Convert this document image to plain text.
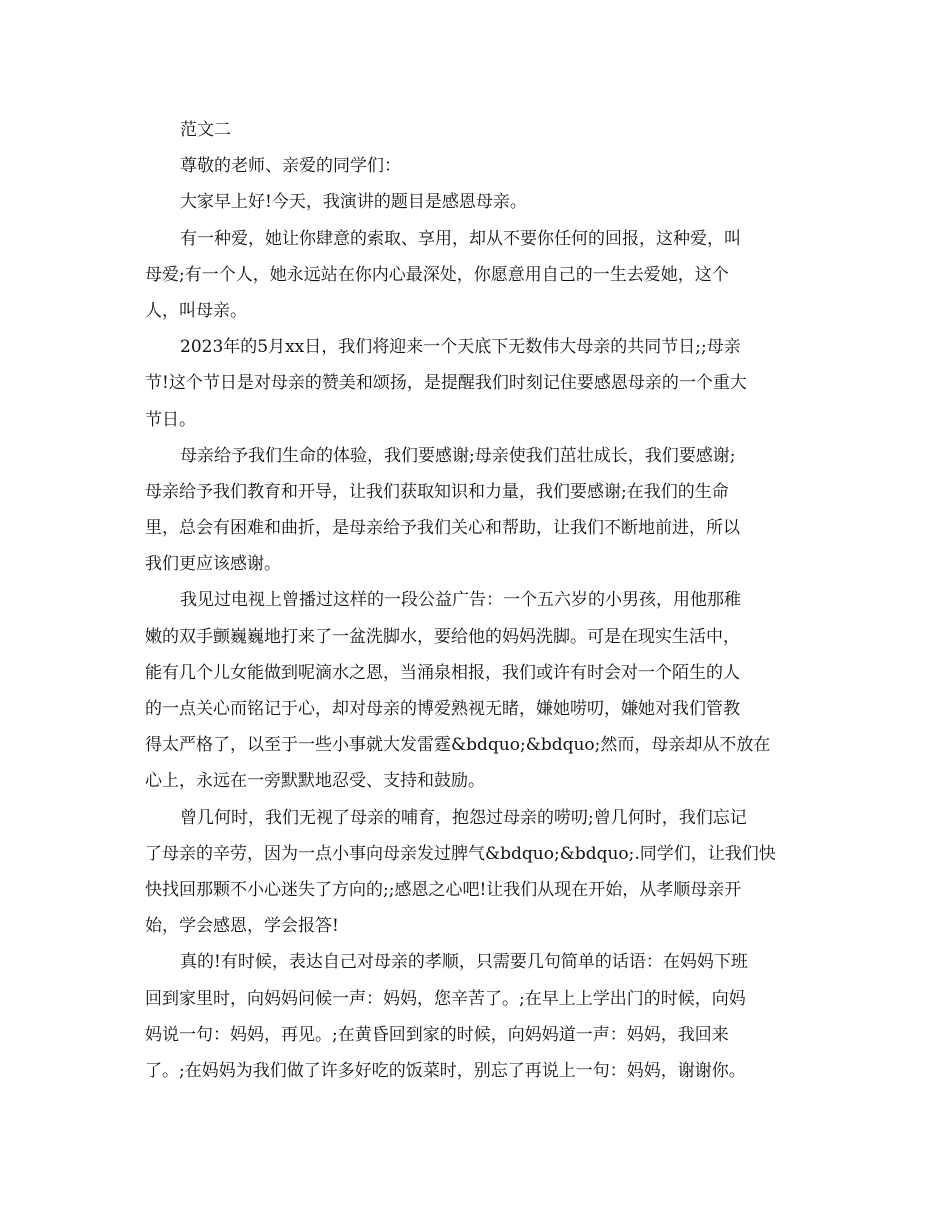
范文二
尊敬的老师、亲爱的同学们：
大家早上好!今天，我演讲的题目是感恩母亲。
有一种爱，她让你肆意的索取、享用，却从不要你任何的回报，这种爱，叫
母爱;有一个人，她永远站在你内心最深处，你愿意用自己的一生去爱她，这个
人，叫母亲。
2023年的5月xx日，我们将迎来一个天底下无数伟大母亲的共同节日;;母亲
节!这个节日是对母亲的赞美和颂扬，是提醒我们时刻记住要感恩母亲的一个重大
节日。
母亲给予我们生命的体验，我们要感谢;母亲使我们茁壮成长，我们要感谢;
母亲给予我们教育和开导，让我们获取知识和力量，我们要感谢;在我们的生命
里，总会有困难和曲折，是母亲给予我们关心和帮助，让我们不断地前进，所以
我们更应该感谢。
我见过电视上曾播过这样的一段公益广告：一个五六岁的小男孩，用他那稚
嫩的双手颤巍巍地打来了一盆洗脚水，要给他的妈妈洗脚。可是在现实生活中，
能有几个儿女能做到呢滴水之恩，当涌泉相报，我们或许有时会对一个陌生的人
的一点关心而铭记于心，却对母亲的博爱熟视无睹，嫌她唠叨，嫌她对我们管教
得太严格了，以至于一些小事就大发雷霆&bdquo;&bdquo;然而，母亲却从不放在
心上，永远在一旁默默地忍受、支持和鼓励。
曾几何时，我们无视了母亲的哺育，抱怨过母亲的唠叨;曾几何时，我们忘记
了母亲的辛劳，因为一点小事向母亲发过脾气&bdquo;&bdquo;.同学们，让我们快
快找回那颗不小心迷失了方向的;;感恩之心吧!让我们从现在开始，从孝顺母亲开
始，学会感恩，学会报答!
真的!有时候，表达自己对母亲的孝顺，只需要几句简单的话语：在妈妈下班
回到家里时，向妈妈问候一声：妈妈，您辛苦了。;在早上上学出门的时候，向妈
妈说一句：妈妈，再见。;在黄昏回到家的时候，向妈妈道一声：妈妈，我回来
了。;在妈妈为我们做了许多好吃的饭菜时，别忘了再说上一句：妈妈，谢谢你。
